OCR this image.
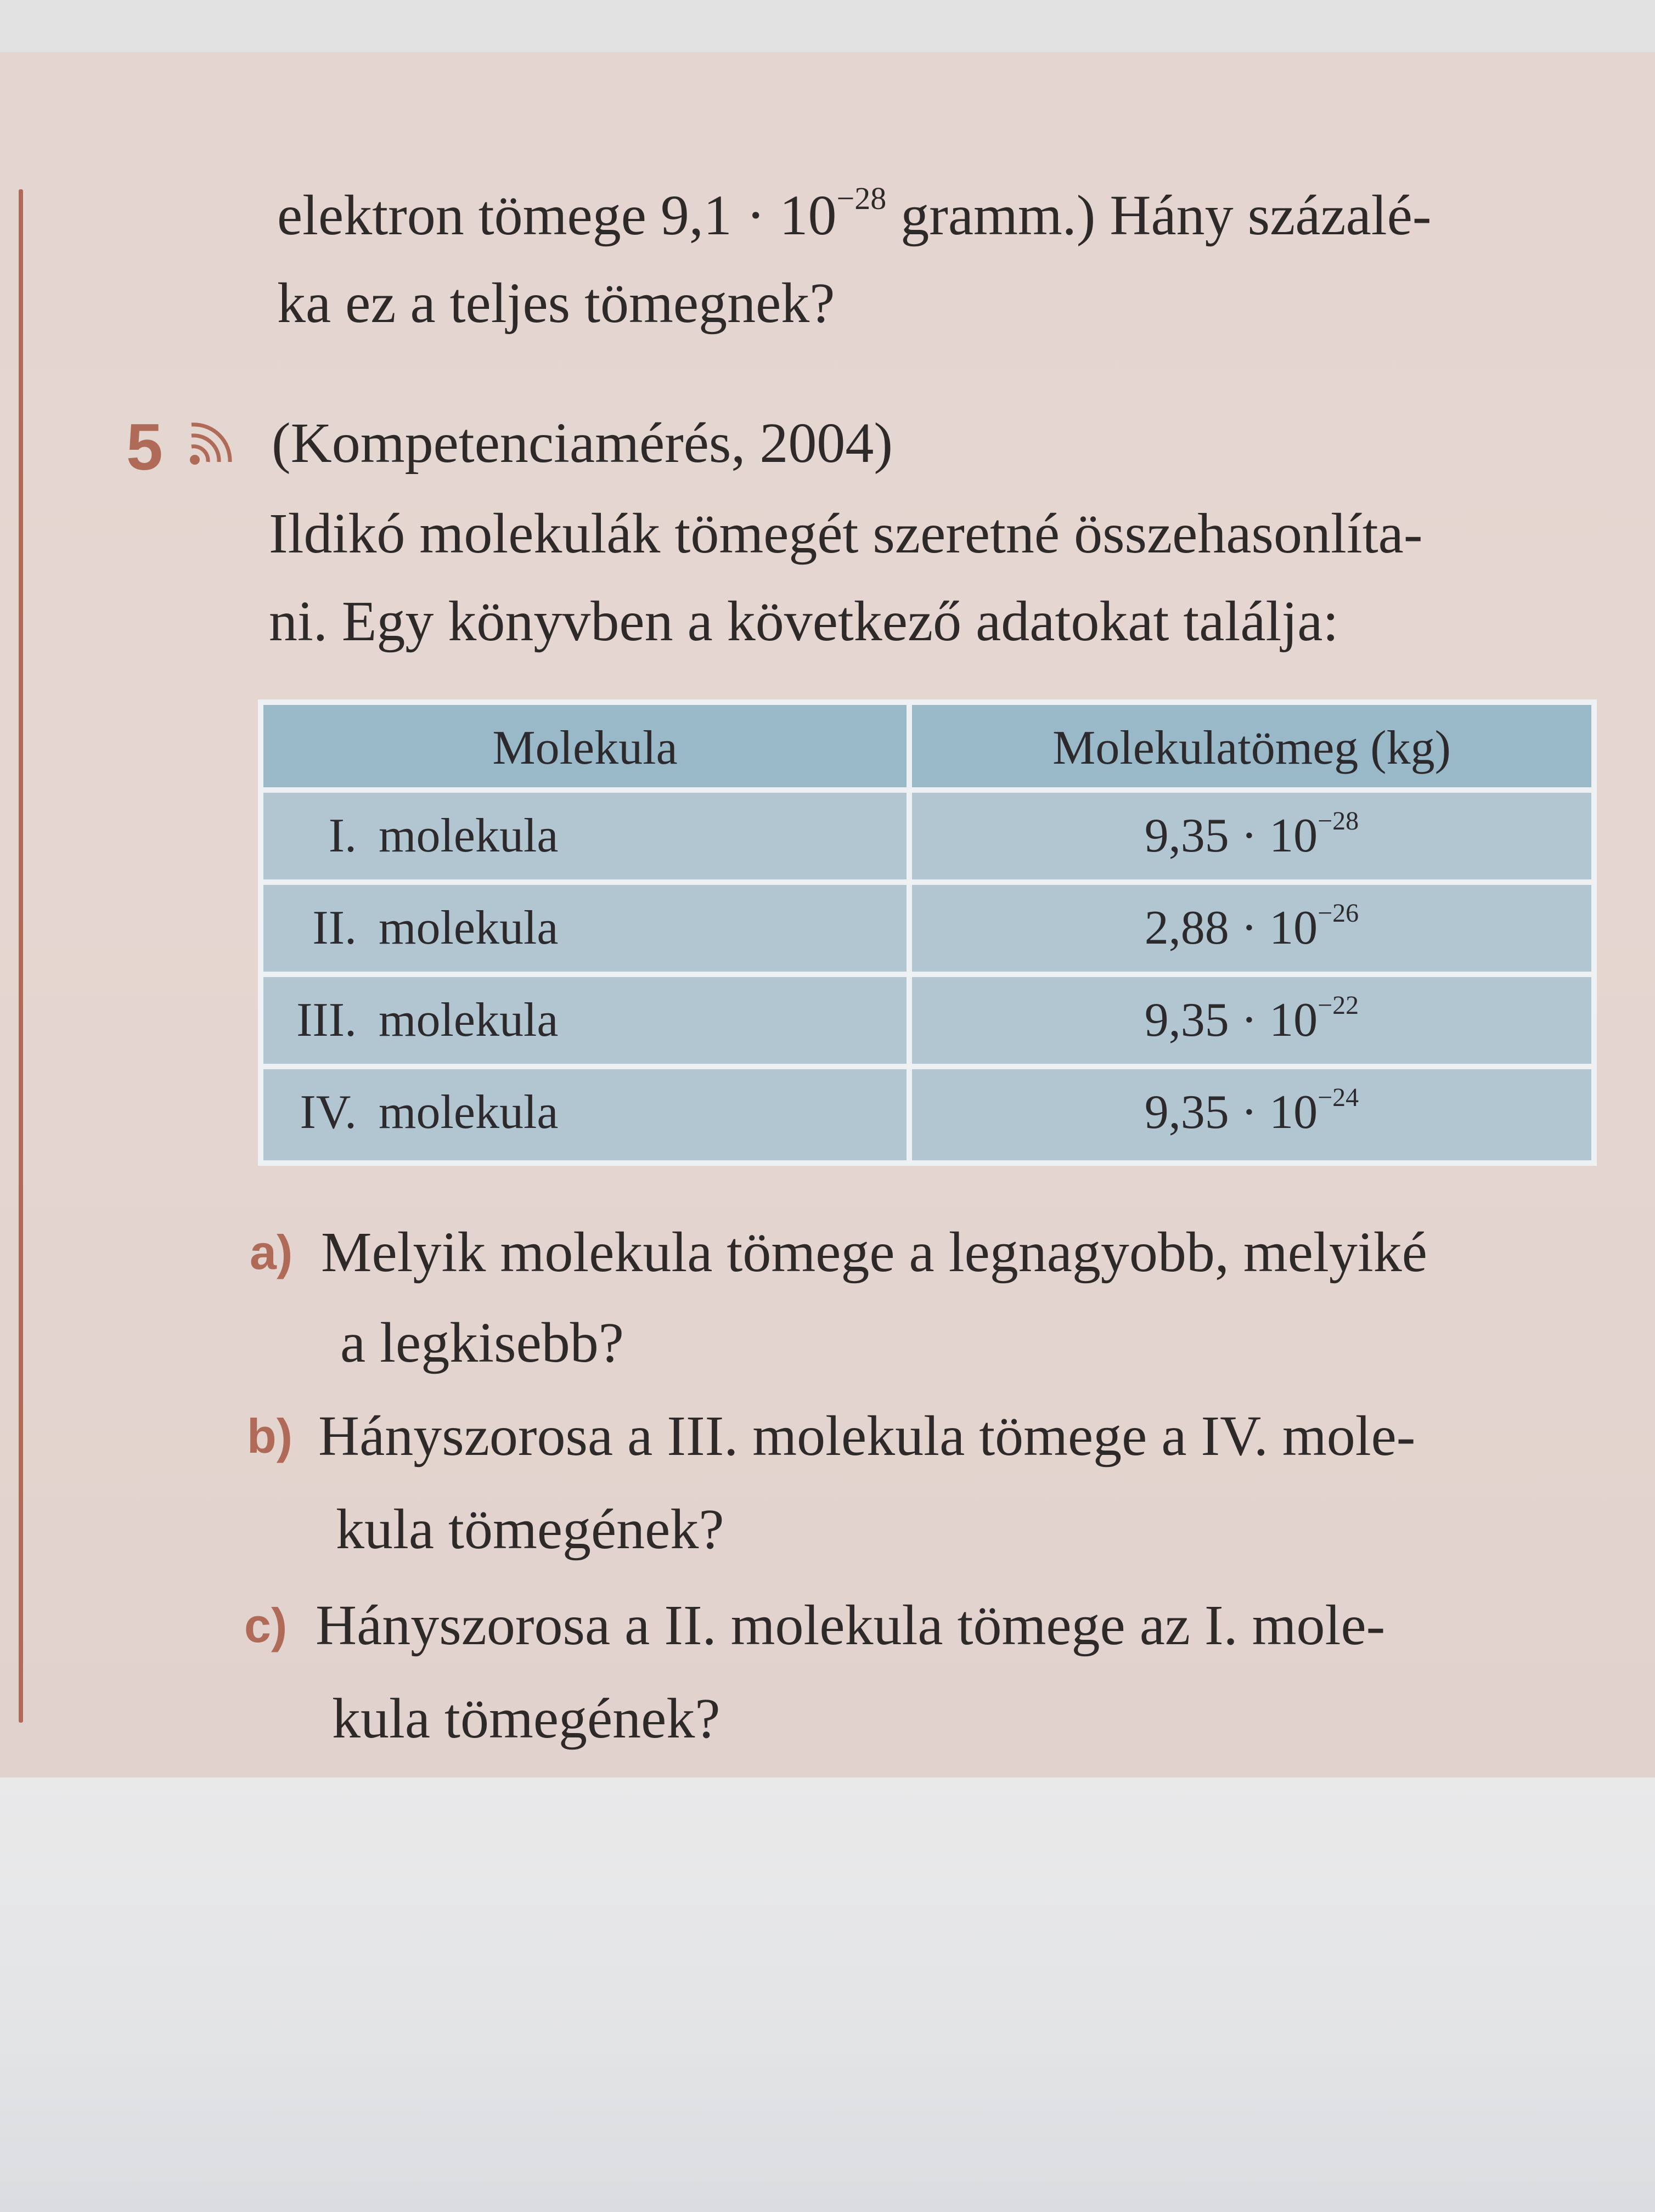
elektron tömege $9,1 \cdot 10^{-28}$ gramm.) Hány százalé-
ka ez a teljes tömegnek?
5 (Kompetenciamérés, 2004)
Ildikó molekulák tömegét szeretné összehasonlíta-
ni. Egy könyvben a következő adatokat találja:
Molekula	Molekulatömeg (kg)
I. molekula	$9,35 \cdot 10^{-28}$
II. molekula	$2,88 \cdot 10^{-26}$
III. molekula	$9,35 \cdot 10^{-22}$
IV. molekula	$9,35 \cdot 10^{-24}$
a) Melyik molekula tömege a legnagyobb, melyiké
a legkisebb?
b) Hányszorosa a III. molekula tömege a IV. mole-
kula tömegének?
c) Hányszorosa a II. molekula tömege az I. mole-
kula tömegének?
